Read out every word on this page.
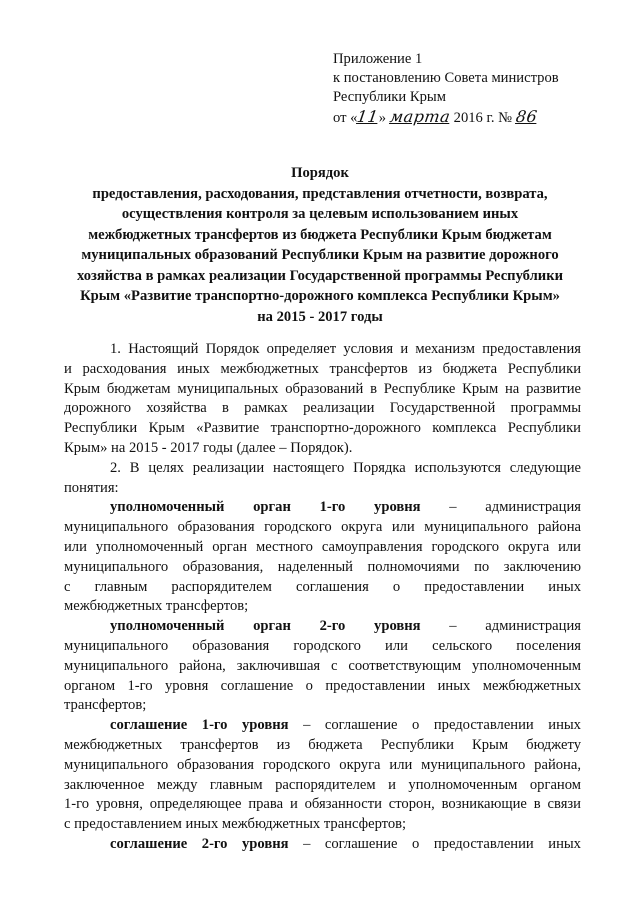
Приложение 1
к постановлению Совета министров
Республики Крым
от «11» марта 2016 г. № 86
Порядок
предоставления, расходования, представления отчетности, возврата,
осуществления контроля за целевым использованием иных
межбюджетных трансфертов из бюджета Республики Крым бюджетам
муниципальных образований Республики Крым на развитие дорожного
хозяйства в рамках реализации Государственной программы Республики
Крым «Развитие транспортно-дорожного комплекса Республики Крым»
на 2015 - 2017 годы
1. Настоящий Порядок определяет условия и механизм предоставления
и расходования иных межбюджетных трансфертов из бюджета Республики
Крым бюджетам муниципальных образований в Республике Крым на развитие
дорожного хозяйства в рамках реализации Государственной программы
Республики Крым «Развитие транспортно-дорожного комплекса Республики
Крым» на 2015 - 2017 годы (далее – Порядок).
2. В целях реализации настоящего Порядка используются следующие
понятия:
уполномоченный орган 1-го уровня – администрация
муниципального образования городского округа или муниципального района
или уполномоченный орган местного самоуправления городского округа или
муниципального образования, наделенный полномочиями по заключению
с главным распорядителем соглашения о предоставлении иных
межбюджетных трансфертов;
уполномоченный орган 2-го уровня – администрация
муниципального образования городского или сельского поселения
муниципального района, заключившая с соответствующим уполномоченным
органом 1-го уровня соглашение о предоставлении иных межбюджетных
трансфертов;
соглашение 1-го уровня – соглашение о предоставлении иных
межбюджетных трансфертов из бюджета Республики Крым бюджету
муниципального образования городского округа или муниципального района,
заключенное между главным распорядителем и уполномоченным органом
1-го уровня, определяющее права и обязанности сторон, возникающие в связи
с предоставлением иных межбюджетных трансфертов;
соглашение 2-го уровня – соглашение о предоставлении иных
